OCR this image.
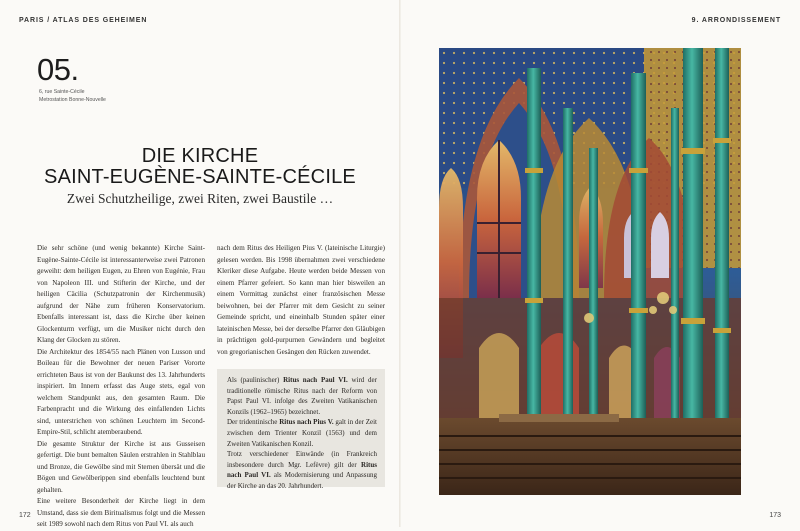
PARIS / ATLAS DES GEHEIMEN
05.
6, rue Sainte-Cécile
Metrostation Bonne-Nouvelle
DIE KIRCHE
SAINT-EUGÈNE-SAINTE-CÉCILE
Zwei Schutzheilige, zwei Riten, zwei Baustile …

Die sehr schöne (und wenig bekannte) Kirche Saint-Eugène-Sainte-Cécile ist interessanterweise zwei Patronen geweiht: dem heiligen Eugen, zu Ehren von Eugénie, Frau von Napoleon III. und Stifterin der Kirche, und der heiligen Cäcilia (Schutzpatronin der Kirchenmusik) aufgrund der Nähe zum früheren Konservatorium. Ebenfalls interessant ist, dass die Kirche über keinen Glockenturm verfügt, um die Musiker nicht durch den Klang der Glocken zu stören.

Die Architektur des 1854/55 nach Plänen von Lusson und Boileau für die Bewohner der neuen Pariser Vororte errichteten Baus ist von der Baukunst des 13. Jahrhunderts inspiriert. Im Innern erfasst das Auge stets, egal von welchem Standpunkt aus, den gesamten Raum. Die Farbenpracht und die Wirkung des einfallenden Lichts sind, unterstrichen von schönen Leuchtern im Second-Empire-Stil, schlicht atemberaubend.

Die gesamte Struktur der Kirche ist aus Gusseisen gefertigt. Die bunt bemalten Säulen erstrahlen in Stahlblau und Bronze, die Gewölbe sind mit Sternen übersät und die Bögen und Gewölberippen sind ebenfalls leuchtend bunt gehalten.

Eine weitere Besonderheit der Kirche liegt in dem Umstand, dass sie dem Biritualismus folgt und die Messen seit 1989 sowohl nach dem Ritus von Paul VI. als auch

nach dem Ritus des Heiligen Pius V. (lateinische Liturgie) gelesen werden. Bis 1998 übernahmen zwei verschiedene Kleriker diese Aufgabe. Heute werden beide Messen von einem Pfarrer gefeiert. So kann man hier bisweilen an einem Vormittag zunächst einer französischen Messe beiwohnen, bei der Pfarrer mit dem Gesicht zu seiner Gemeinde spricht, und eineinhalb Stunden später einer lateinischen Messe, bei der derselbe Pfarrer den Gläubigen in prächtigen gold-purpurnen Gewändern und begleitet von gregorianischen Gesängen den Rücken zuwendet.

Als (paulinischer) Ritus nach Paul VI. wird der traditionelle römische Ritus nach der Reform von Papst Paul VI. infolge des Zweiten Vatikanischen Konzils (1962–1965) bezeichnet.

Der tridentinische Ritus nach Pius V. galt in der Zeit zwischen dem Trienter Konzil (1563) und dem Zweiten Vatikanischen Konzil.

Trotz verschiedener Einwände (in Frankreich insbesondere durch Mgr. Lefèvre) gilt der Ritus nach Paul VI. als Modernisierung und Anpassung der Kirche an das 20. Jahrhundert.

172
9. ARRONDISSEMENT
173
